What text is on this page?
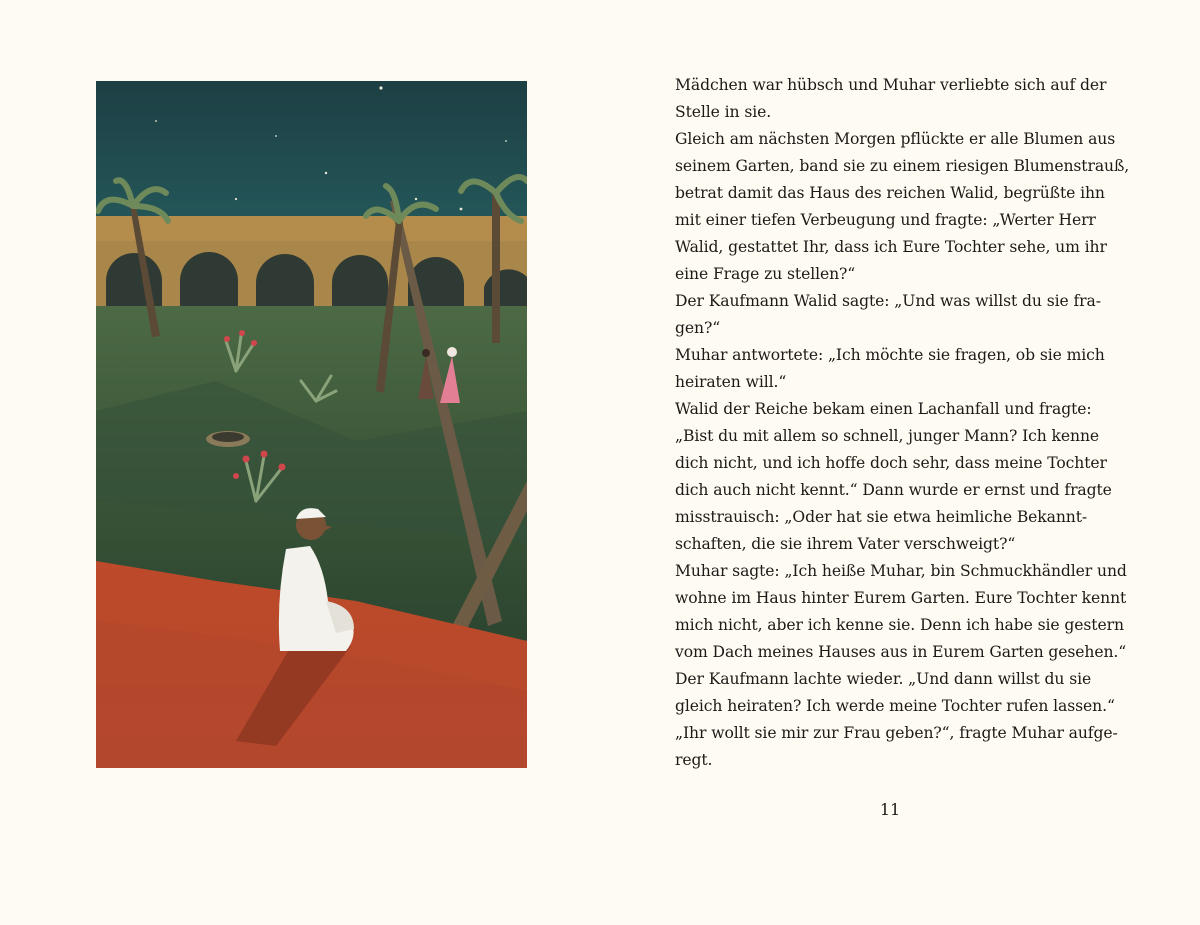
Mädchen war hübsch und Muhar verliebte sich auf der
Stelle in sie.
Gleich am nächsten Morgen pflückte er alle Blumen aus
seinem Garten, band sie zu einem riesigen Blumenstrauß,
betrat damit das Haus des reichen Walid, begrüßte ihn
mit einer tiefen Verbeugung und fragte: „Werter Herr
Walid, gestattet Ihr, dass ich Eure Tochter sehe, um ihr
eine Frage zu stellen?“
Der Kaufmann Walid sagte: „Und was willst du sie fra-
gen?“
Muhar antwortete: „Ich möchte sie fragen, ob sie mich
heiraten will.“
Walid der Reiche bekam einen Lachanfall und fragte:
„Bist du mit allem so schnell, junger Mann? Ich kenne
dich nicht, und ich hoffe doch sehr, dass meine Tochter
dich auch nicht kennt.“ Dann wurde er ernst und fragte
misstrauisch: „Oder hat sie etwa heimliche Bekannt-
schaften, die sie ihrem Vater verschweigt?“
Muhar sagte: „Ich heiße Muhar, bin Schmuckhändler und
wohne im Haus hinter Eurem Garten. Eure Tochter kennt
mich nicht, aber ich kenne sie. Denn ich habe sie gestern
vom Dach meines Hauses aus in Eurem Garten gesehen.“
Der Kaufmann lachte wieder. „Und dann willst du sie
gleich heiraten? Ich werde meine Tochter rufen lassen.“
„Ihr wollt sie mir zur Frau geben?“, fragte Muhar aufge-
regt.
11
